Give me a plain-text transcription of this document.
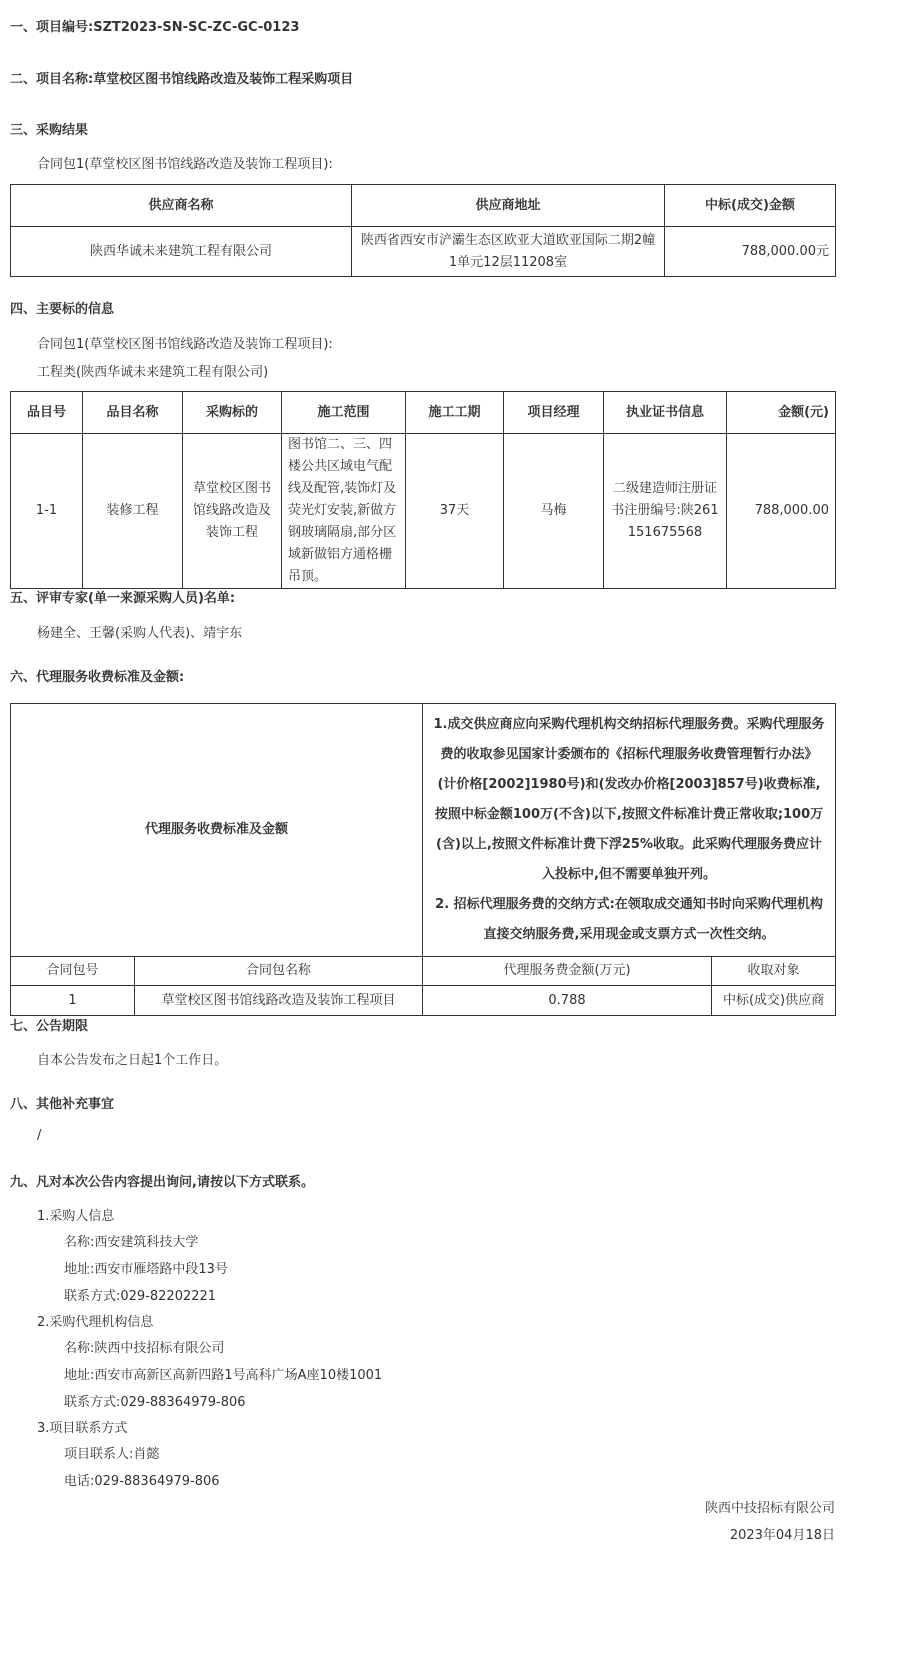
一、项目编号:SZT2023-SN-SC-ZC-GC-0123
二、项目名称:草堂校区图书馆线路改造及装饰工程采购项目
三、采购结果
合同包1(草堂校区图书馆线路改造及装饰工程项目):
供应商名称	供应商地址	中标(成交)金额
陕西华诚未来建筑工程有限公司	陕西省西安市浐灞生态区欧亚大道欧亚国际二期2幢1单元12层11208室	788,000.00元
四、主要标的信息
合同包1(草堂校区图书馆线路改造及装饰工程项目):
工程类(陕西华诚未来建筑工程有限公司)
品目号	品目名称	采购标的	施工范围	施工工期	项目经理	执业证书信息	金额(元)
1-1	装修工程	草堂校区图书馆线路改造及装饰工程	图书馆二、三、四楼公共区域电气配线及配管,装饰灯及荧光灯安装,新做方钢玻璃隔扇,部分区域新做铝方通格栅吊顶。	37天	马梅	二级建造师注册证书注册编号:陕261151675568	788,000.00
五、评审专家(单一来源采购人员)名单:
杨建全、王馨(采购人代表)、靖宇东
六、代理服务收费标准及金额:
代理服务收费标准及金额		1.成交供应商应向采购代理机构交纳招标代理服务费。采购代理服务费的收取参见国家计委颁布的《招标代理服务收费管理暂行办法》(计价格[2002]1980号)和(发改办价格[2003]857号)收费标准,按照中标金额100万(不含)以下,按照文件标准计费正常收取;100万(含)以上,按照文件标准计费下浮25%收取。此采购代理服务费应计入投标中,但不需要单独开列。

2. 招标代理服务费的交纳方式:在领取成交通知书时向采购代理机构直接交纳服务费,采用现金或支票方式一次性交纳。	

合同包号	合同包名称	代理服务费金额(万元)	收取对象
1	草堂校区图书馆线路改造及装饰工程项目	0.788	中标(成交)供应商
七、公告期限
自本公告发布之日起1个工作日。
八、其他补充事宜
/
九、凡对本次公告内容提出询问,请按以下方式联系。
1.采购人信息
名称:西安建筑科技大学
地址:西安市雁塔路中段13号
联系方式:029-82202221
2.采购代理机构信息
名称:陕西中技招标有限公司
地址:西安市高新区高新四路1号高科广场A座10楼1001
联系方式:029-88364979-806
3.项目联系方式
项目联系人:肖懿
电话:029-88364979-806
陕西中技招标有限公司
2023年04月18日
